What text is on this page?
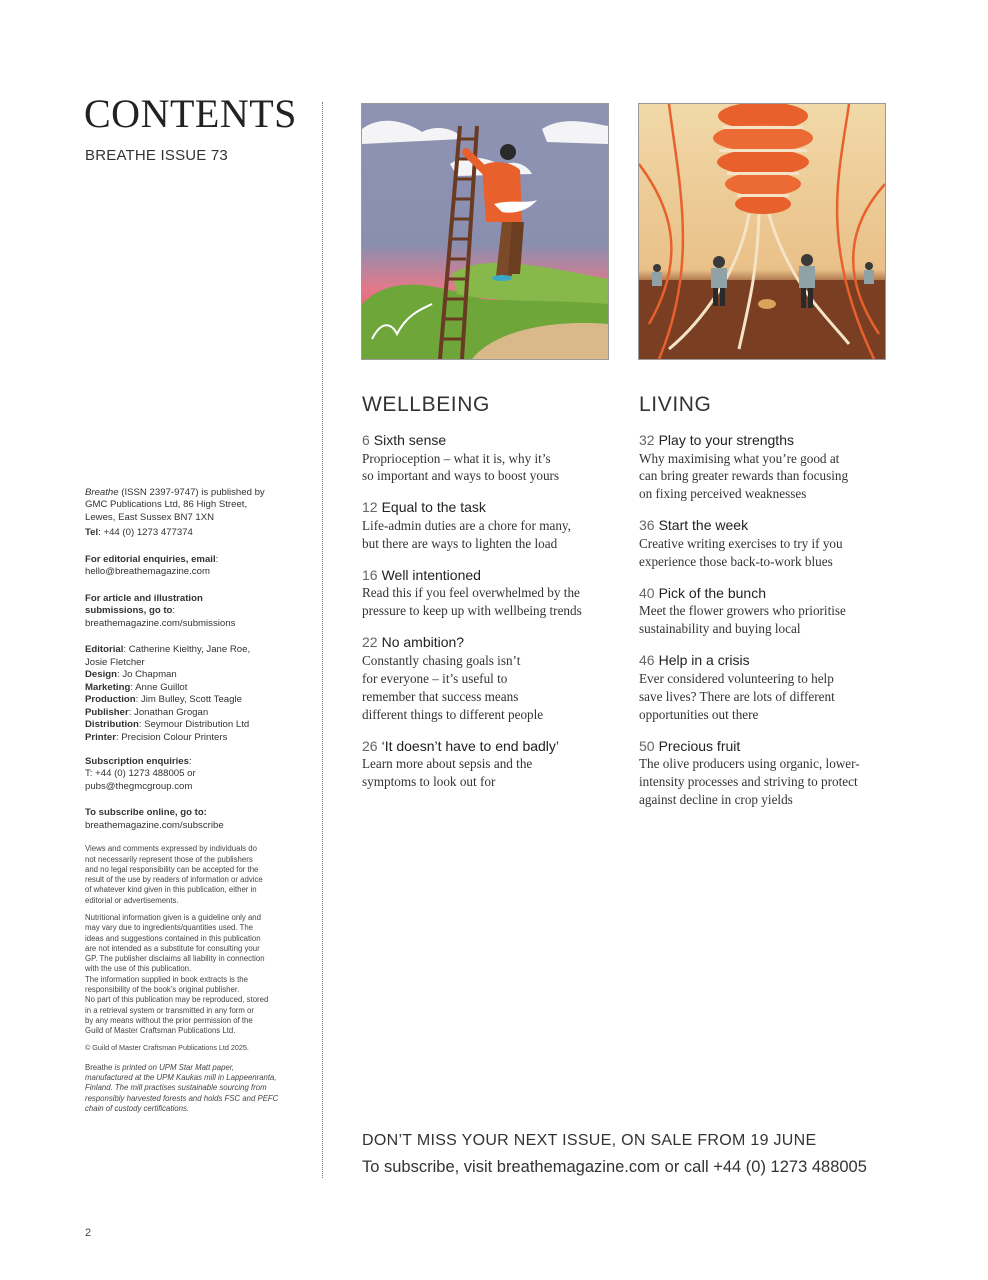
CONTENTS
BREATHE ISSUE 73

Breathe (ISSN 2397-9747) is published by
GMC Publications Ltd, 86 High Street,
Lewes, East Sussex BN7 1XN
Tel: +44 (0) 1273 477374

For editorial enquiries, email:
hello@breathemagazine.com

For article and illustration
submissions, go to:
breathemagazine.com/submissions

Editorial: Catherine Kielthy, Jane Roe,
Josie Fletcher
Design: Jo Chapman
Marketing: Anne Guillot
Production: Jim Bulley, Scott Teagle
Publisher: Jonathan Grogan
Distribution: Seymour Distribution Ltd
Printer: Precision Colour Printers

Subscription enquiries:
T: +44 (0) 1273 488005 or
pubs@thegmcgroup.com

To subscribe online, go to:
breathemagazine.com/subscribe

Views and comments expressed by individuals do
not necessarily represent those of the publishers
and no legal responsibility can be accepted for the
result of the use by readers of information or advice
of whatever kind given in this publication, either in
editorial or advertisements.

Nutritional information given is a guideline only and
may vary due to ingredients/quantities used. The
ideas and suggestions contained in this publication
are not intended as a substitute for consulting your
GP. The publisher disclaims all liability in connection
with the use of this publication.
The information supplied in book extracts is the
responsibility of the book’s original publisher.
No part of this publication may be reproduced, stored
in a retrieval system or transmitted in any form or
by any means without the prior permission of the
Guild of Master Craftsman Publications Ltd.

© Guild of Master Craftsman Publications Ltd 2025.

Breathe is printed on UPM Star Matt paper,
manufactured at the UPM Kaukas mill in Lappeenranta,
Finland. The mill practises sustainable sourcing from
responsibly harvested forests and holds FSC and PEFC
chain of custody certifications.
WELLBEING
6 Sixth sense
Proprioception – what it is, why it’s
so important and ways to boost yours
12 Equal to the task
Life-admin duties are a chore for many,
but there are ways to lighten the load
16 Well intentioned
Read this if you feel overwhelmed by the
pressure to keep up with wellbeing trends
22 No ambition?
Constantly chasing goals isn’t
for everyone – it’s useful to
remember that success means
different things to different people
26 ‘It doesn’t have to end badly’
Learn more about sepsis and the
symptoms to look out for
LIVING
32 Play to your strengths
Why maximising what you’re good at
can bring greater rewards than focusing
on fixing perceived weaknesses
36 Start the week
Creative writing exercises to try if you
experience those back-to-work blues
40 Pick of the bunch
Meet the flower growers who prioritise
sustainability and buying local
46 Help in a crisis
Ever considered volunteering to help
save lives? There are lots of different
opportunities out there
50 Precious fruit
The olive producers using organic, lower-
intensity processes and striving to protect
against decline in crop yields
DON’T MISS YOUR NEXT ISSUE, ON SALE FROM 19 JUNE
To subscribe, visit breathemagazine.com or call +44 (0) 1273 488005
2
